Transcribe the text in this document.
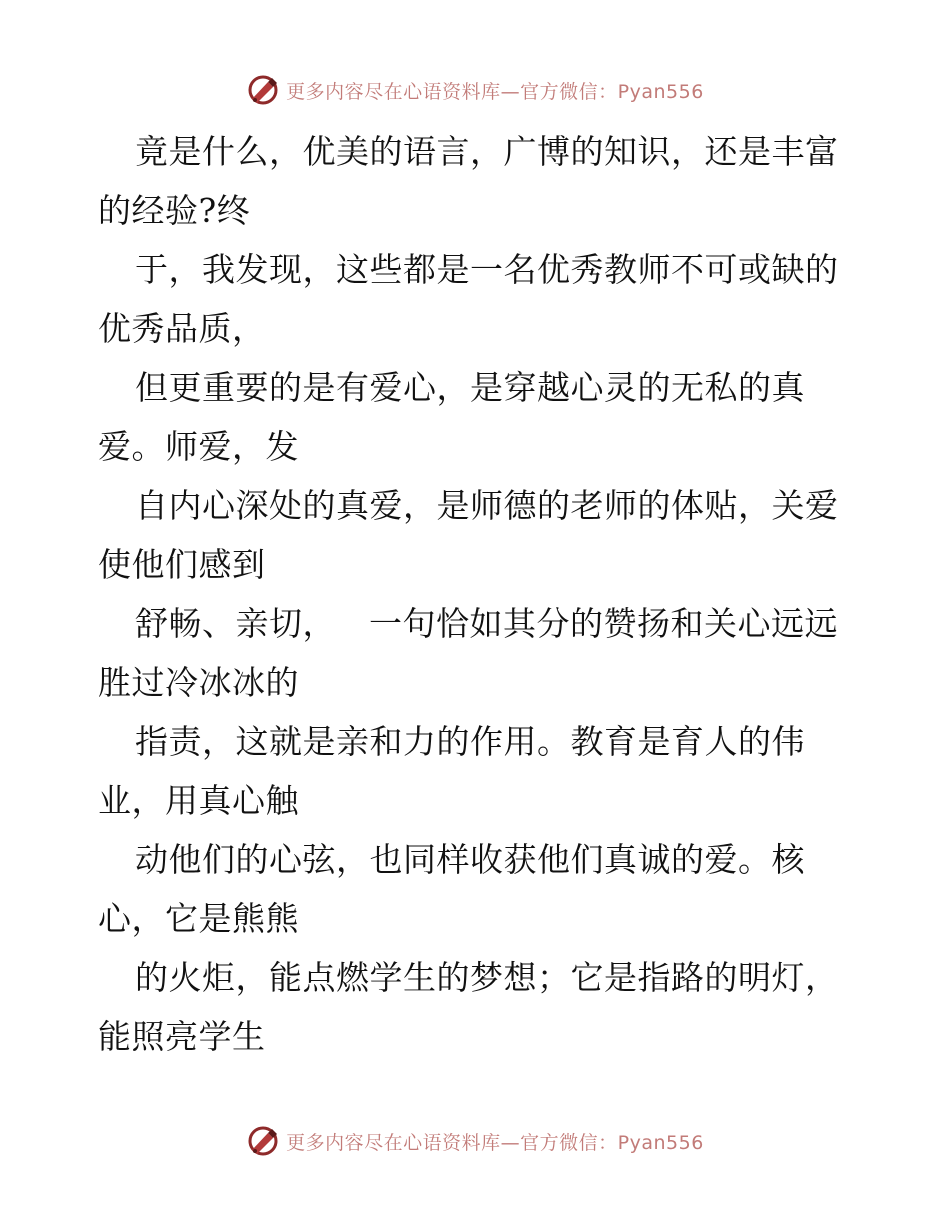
更多内容尽在心语资料库—官方微信：Pyan556
竟是什么，优美的语言，广博的知识，还是丰富
的经验?终
于，我发现，这些都是一名优秀教师不可或缺的
优秀品质，
但更重要的是有爱心，是穿越心灵的无私的真
爱。师爱，发
自内心深处的真爱，是师德的老师的体贴，关爱
使他们感到
舒畅、亲切，   一句恰如其分的赞扬和关心远远
胜过冷冰冰的
指责，这就是亲和力的作用。教育是育人的伟
业，用真心触
动他们的心弦，也同样收获他们真诚的爱。核
心，它是熊熊
的火炬，能点燃学生的梦想；它是指路的明灯，
能照亮学生
更多内容尽在心语资料库—官方微信：Pyan556
